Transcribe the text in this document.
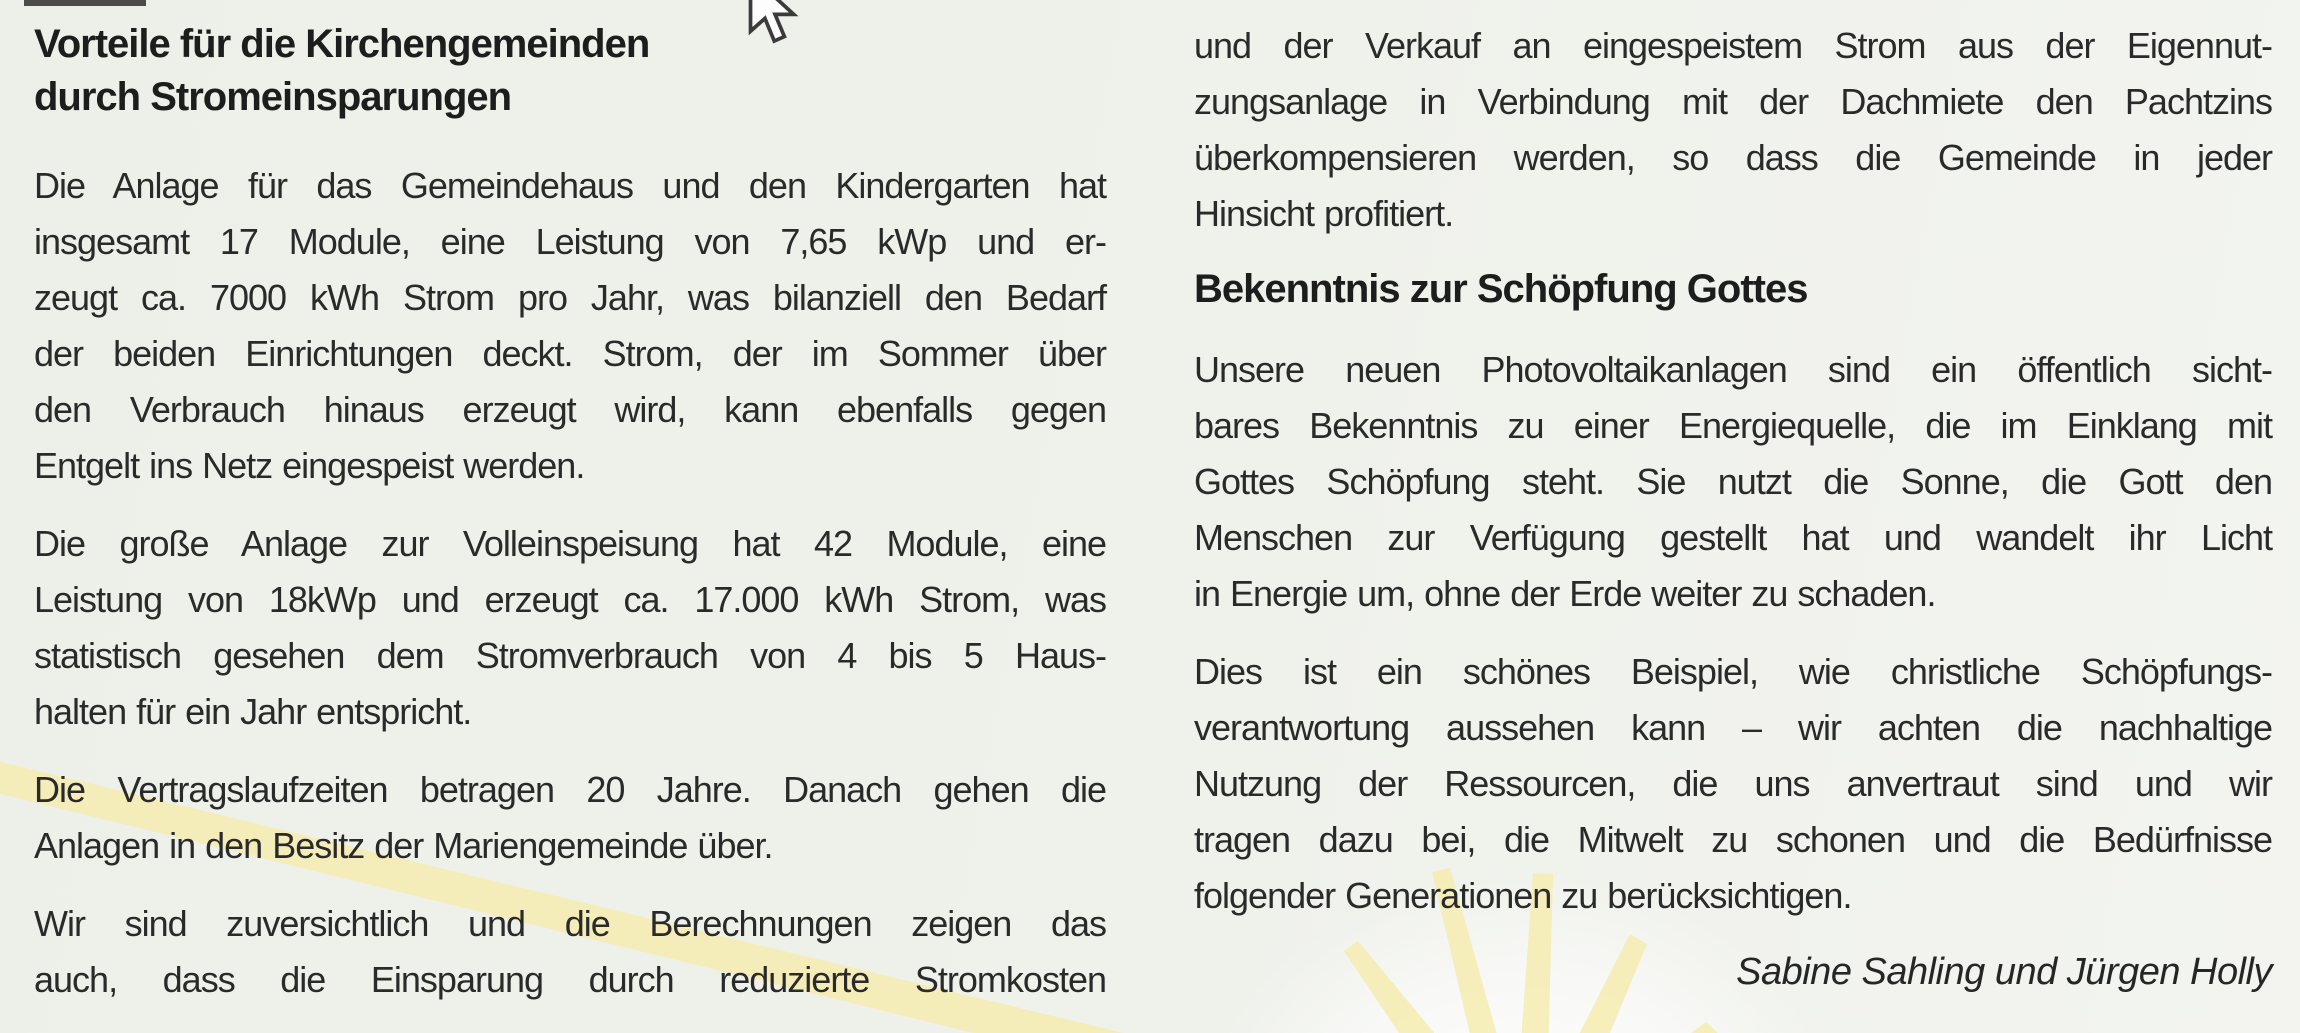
Vorteile für die Kirchengemeinden
durch Stromeinsparungen
Die Anlage für das Gemeindehaus und den Kindergarten hat
insgesamt 17 Module, eine Leistung von 7,65 kWp und er-
zeugt ca. 7000 kWh Strom pro Jahr, was bilanziell den Bedarf
der beiden Einrichtungen deckt. Strom, der im Sommer über
den Verbrauch hinaus erzeugt wird, kann ebenfalls gegen
Entgelt ins Netz eingespeist werden.
Die große Anlage zur Volleinspeisung hat 42 Module, eine
Leistung von 18kWp und erzeugt ca. 17.000 kWh Strom, was
statistisch gesehen dem Stromverbrauch von 4 bis 5 Haus-
halten für ein Jahr entspricht.
Die Vertragslaufzeiten betragen 20 Jahre. Danach gehen die
Anlagen in den Besitz der Mariengemeinde über.
Wir sind zuversichtlich und die Berechnungen zeigen das
auch, dass die Einsparung durch reduzierte Stromkosten
und der Verkauf an eingespeistem Strom aus der Eigennut-
zungsanlage in Verbindung mit der Dachmiete den Pachtzins
überkompensieren werden, so dass die Gemeinde in jeder
Hinsicht profitiert.
Bekenntnis zur Schöpfung Gottes
Unsere neuen Photovoltaikanlagen sind ein öffentlich sicht-
bares Bekenntnis zu einer Energiequelle, die im Einklang mit
Gottes Schöpfung steht. Sie nutzt die Sonne, die Gott den
Menschen zur Verfügung gestellt hat und wandelt ihr Licht
in Energie um, ohne der Erde weiter zu schaden.
Dies ist ein schönes Beispiel, wie christliche Schöpfungs-
verantwortung aussehen kann – wir achten die nachhaltige
Nutzung der Ressourcen, die uns anvertraut sind und wir
tragen dazu bei, die Mitwelt zu schonen und die Bedürfnisse
folgender Generationen zu berücksichtigen.
Sabine Sahling und Jürgen Holly
